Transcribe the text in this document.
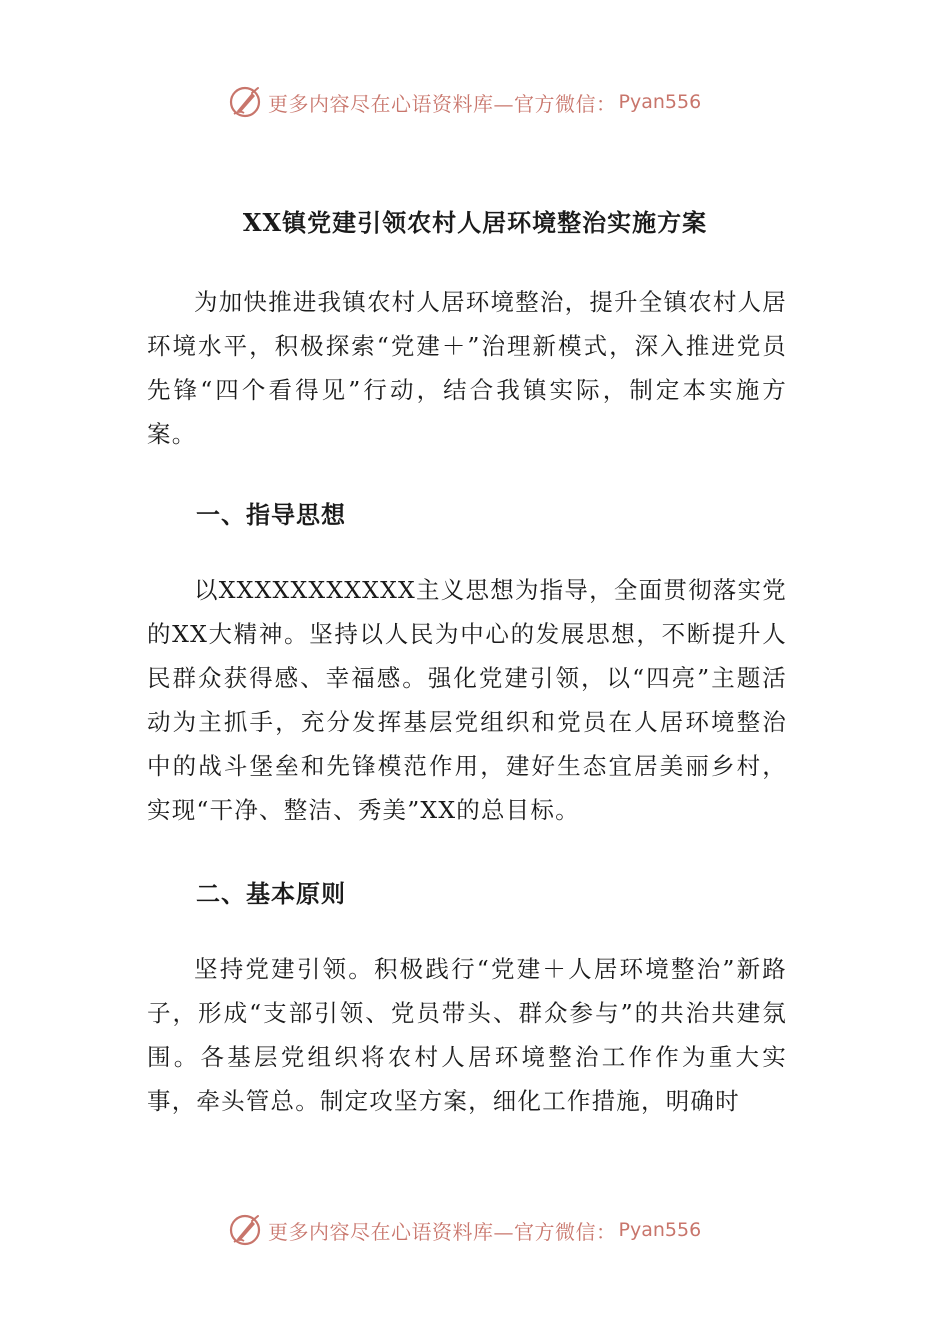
更多内容尽在心语资料库—官方微信： Pyan556
XX镇党建引领农村人居环境整治实施方案

为加快推进我镇农村人居环境整治，提升全镇农村人居环境水平，积极探索“党建＋”治理新模式，深入推进党员先锋“四个看得见”行动，结合我镇实际，制定本实施方案。

一、指导思想

以XXXXXXXXXXX主义思想为指导，全面贯彻落实党的XX大精神。坚持以人民为中心的发展思想，不断提升人民群众获得感、幸福感。强化党建引领，以“四亮”主题活动为主抓手，充分发挥基层党组织和党员在人居环境整治中的战斗堡垒和先锋模范作用，建好生态宜居美丽乡村，实现“干净、整洁、秀美”XX的总目标。

二、基本原则

坚持党建引领。积极践行“党建＋人居环境整治”新路子，形成“支部引领、党员带头、群众参与”的共治共建氛围。各基层党组织将农村人居环境整治工作作为重大实事，牵头管总。制定攻坚方案，细化工作措施，明确时

更多内容尽在心语资料库—官方微信： Pyan556
